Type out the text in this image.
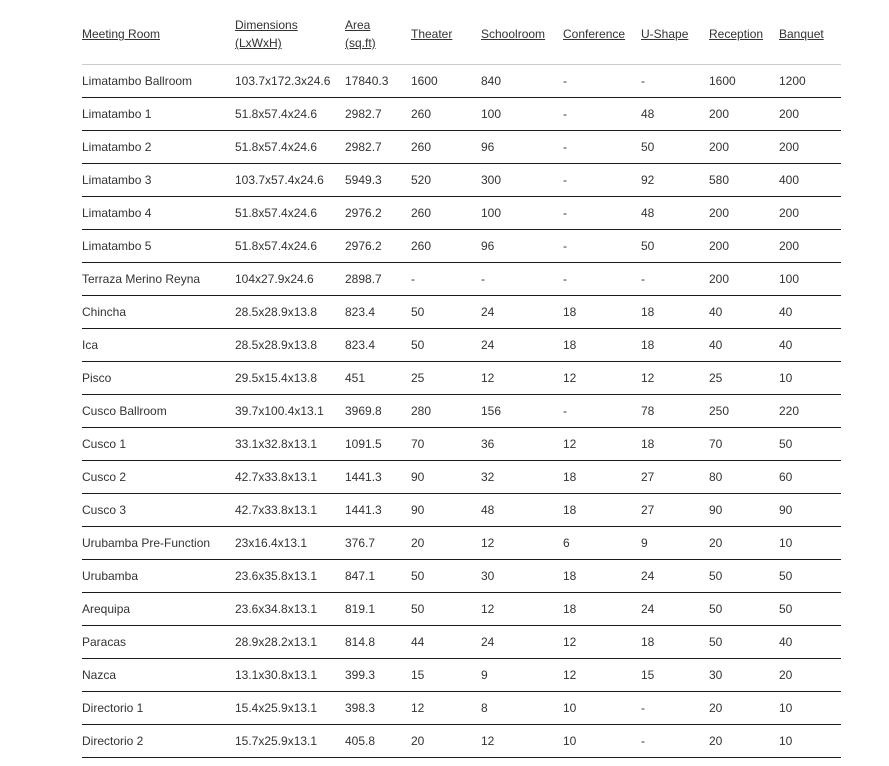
Meeting Room	Dimensions (LxWxH)	Area (sq.ft)	Theater	Schoolroom	Conference	U-Shape	Reception	Banquet
Limatambo Ballroom	103.7x172.3x24.6	17840.3	1600	840	-	-	1600	1200
Limatambo 1	51.8x57.4x24.6	2982.7	260	100	-	48	200	200
Limatambo 2	51.8x57.4x24.6	2982.7	260	96	-	50	200	200
Limatambo 3	103.7x57.4x24.6	5949.3	520	300	-	92	580	400
Limatambo 4	51.8x57.4x24.6	2976.2	260	100	-	48	200	200
Limatambo 5	51.8x57.4x24.6	2976.2	260	96	-	50	200	200
Terraza Merino Reyna	104x27.9x24.6	2898.7	-	-	-	-	200	100
Chincha	28.5x28.9x13.8	823.4	50	24	18	18	40	40
Ica	28.5x28.9x13.8	823.4	50	24	18	18	40	40
Pisco	29.5x15.4x13.8	451	25	12	12	12	25	10
Cusco Ballroom	39.7x100.4x13.1	3969.8	280	156	-	78	250	220
Cusco 1	33.1x32.8x13.1	1091.5	70	36	12	18	70	50
Cusco 2	42.7x33.8x13.1	1441.3	90	32	18	27	80	60
Cusco 3	42.7x33.8x13.1	1441.3	90	48	18	27	90	90
Urubamba Pre-Function	23x16.4x13.1	376.7	20	12	6	9	20	10
Urubamba	23.6x35.8x13.1	847.1	50	30	18	24	50	50
Arequipa	23.6x34.8x13.1	819.1	50	12	18	24	50	50
Paracas	28.9x28.2x13.1	814.8	44	24	12	18	50	40
Nazca	13.1x30.8x13.1	399.3	15	9	12	15	30	20
Directorio 1	15.4x25.9x13.1	398.3	12	8	10	-	20	10
Directorio 2	15.7x25.9x13.1	405.8	20	12	10	-	20	10
